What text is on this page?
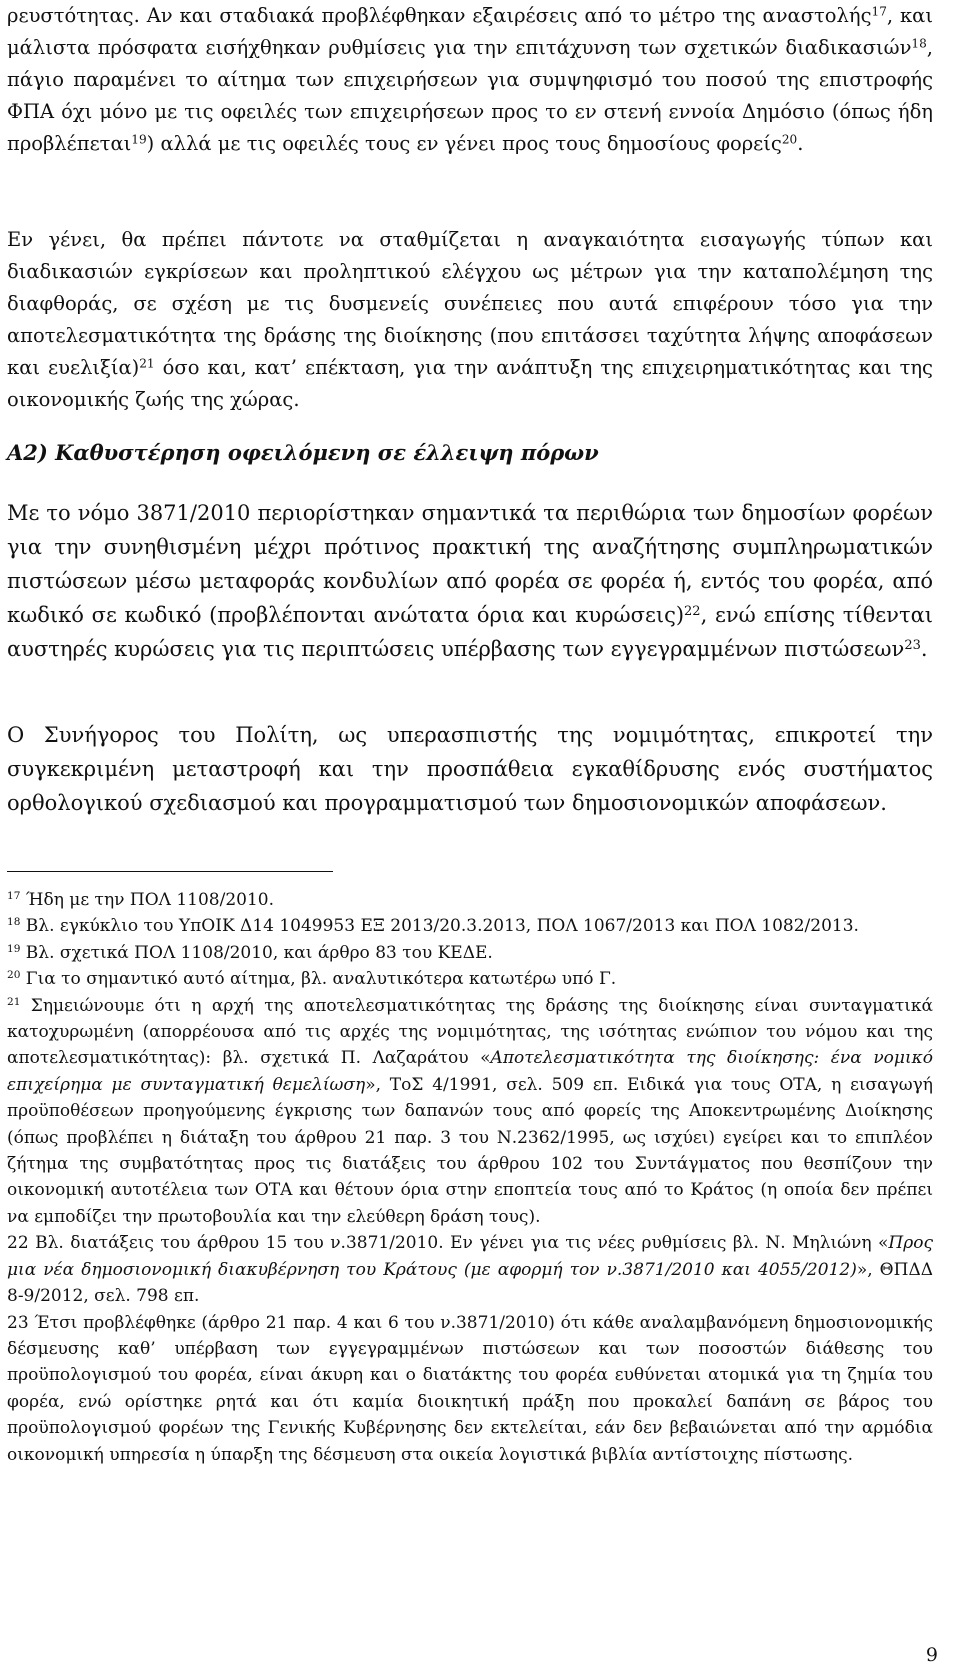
ρευστότητας. Αν και σταδιακά προβλέφθηκαν εξαιρέσεις από το μέτρο της αναστολής$^{17}$, και μάλιστα πρόσφατα εισήχθηκαν ρυθμίσεις για την επιτάχυνση των σχετικών διαδικασιών$^{18}$, πάγιο παραμένει το αίτημα των επιχειρήσεων για συμψηφισμό του ποσού της επιστροφής ΦΠΑ όχι μόνο με τις οφειλές των επιχειρήσεων προς το εν στενή εννοία Δημόσιο (όπως ήδη προβλέπεται$^{19}$) αλλά με τις οφειλές τους εν γένει προς τους δημοσίους φορείς$^{20}$.

Εν γένει, θα πρέπει πάντοτε να σταθμίζεται η αναγκαιότητα εισαγωγής τύπων και διαδικασιών εγκρίσεων και προληπτικού ελέγχου ως μέτρων για την καταπολέμηση της διαφθοράς, σε σχέση με τις δυσμενείς συνέπειες που αυτά επιφέρουν τόσο για την αποτελεσματικότητα της δράσης της διοίκησης (που επιτάσσει ταχύτητα λήψης αποφάσεων και ευελιξία)$^{21}$ όσο και, κατ’ επέκταση, για την ανάπτυξη της επιχειρηματικότητας και της οικονομικής ζωής της χώρας.

Α2) Καθυστέρηση οφειλόμενη σε έλλειψη πόρων

Με το νόμο 3871/2010 περιορίστηκαν σημαντικά τα περιθώρια των δημοσίων φορέων για την συνηθισμένη μέχρι πρότινος πρακτική της αναζήτησης συμπληρωματικών πιστώσεων μέσω μεταφοράς κονδυλίων από φορέα σε φορέα ή, εντός του φορέα, από κωδικό σε κωδικό (προβλέπονται ανώτατα όρια και κυρώσεις)$^{22}$, ενώ επίσης τίθενται αυστηρές κυρώσεις για τις περιπτώσεις υπέρβασης των εγγεγραμμένων πιστώσεων$^{23}$.

Ο Συνήγορος του Πολίτη, ως υπερασπιστής της νομιμότητας, επικροτεί την συγκεκριμένη μεταστροφή και την προσπάθεια εγκαθίδρυσης ενός συστήματος ορθολογικού σχεδιασμού και προγραμματισμού των δημοσιονομικών αποφάσεων.

$^{17}$ Ήδη με την ΠΟΛ 1108/2010.

$^{18}$ Βλ. εγκύκλιο του ΥπΟΙΚ Δ14 1049953 ΕΞ 2013/20.3.2013, ΠΟΛ 1067/2013 και ΠΟΛ 1082/2013.

$^{19}$ Βλ. σχετικά ΠΟΛ 1108/2010, και άρθρο 83 του ΚΕΔΕ.

$^{20}$ Για το σημαντικό αυτό αίτημα, βλ. αναλυτικότερα κατωτέρω υπό Γ.

$^{21}$ Σημειώνουμε ότι η αρχή της αποτελεσματικότητας της δράσης της διοίκησης είναι συνταγματικά κατοχυρωμένη (απορρέουσα από τις αρχές της νομιμότητας, της ισότητας ενώπιον του νόμου και της αποτελεσματικότητας): βλ. σχετικά Π. Λαζαράτου «Αποτελεσματικότητα της διοίκησης: ένα νομικό επιχείρημα με συνταγματική θεμελίωση», ΤοΣ 4/1991, σελ. 509 επ. Ειδικά για τους ΟΤΑ, η εισαγωγή προϋποθέσεων προηγούμενης έγκρισης των δαπανών τους από φορείς της Αποκεντρωμένης Διοίκησης (όπως προβλέπει η διάταξη του άρθρου 21 παρ. 3 του Ν.2362/1995, ως ισχύει) εγείρει και το επιπλέον ζήτημα της συμβατότητας προς τις διατάξεις του άρθρου 102 του Συντάγματος που θεσπίζουν την οικονομική αυτοτέλεια των ΟΤΑ και θέτουν όρια στην εποπτεία τους από το Κράτος (η οποία δεν πρέπει να εμποδίζει την πρωτοβουλία και την ελεύθερη δράση τους).

22 Βλ. διατάξεις του άρθρου 15 του ν.3871/2010. Εν γένει για τις νέες ρυθμίσεις βλ. Ν. Μηλιώνη «Προς μια νέα δημοσιονομική διακυβέρνηση του Κράτους (με αφορμή τον ν.3871/2010 και 4055/2012)», ΘΠΔΔ 8-9/2012, σελ. 798 επ.

23 Έτσι προβλέφθηκε (άρθρο 21 παρ. 4 και 6 του ν.3871/2010) ότι κάθε αναλαμβανόμενη δημοσιονομικής δέσμευσης καθ’ υπέρβαση των εγγεγραμμένων πιστώσεων και των ποσοστών διάθεσης του προϋπολογισμού του φορέα, είναι άκυρη και ο διατάκτης του φορέα ευθύνεται ατομικά για τη ζημία του φορέα, ενώ ορίστηκε ρητά και ότι καμία διοικητική πράξη που προκαλεί δαπάνη σε βάρος του προϋπολογισμού φορέων της Γενικής Κυβέρνησης δεν εκτελείται, εάν δεν βεβαιώνεται από την αρμόδια οικονομική υπηρεσία η ύπαρξη της δέσμευση στα οικεία λογιστικά βιβλία αντίστοιχης πίστωσης.

9
